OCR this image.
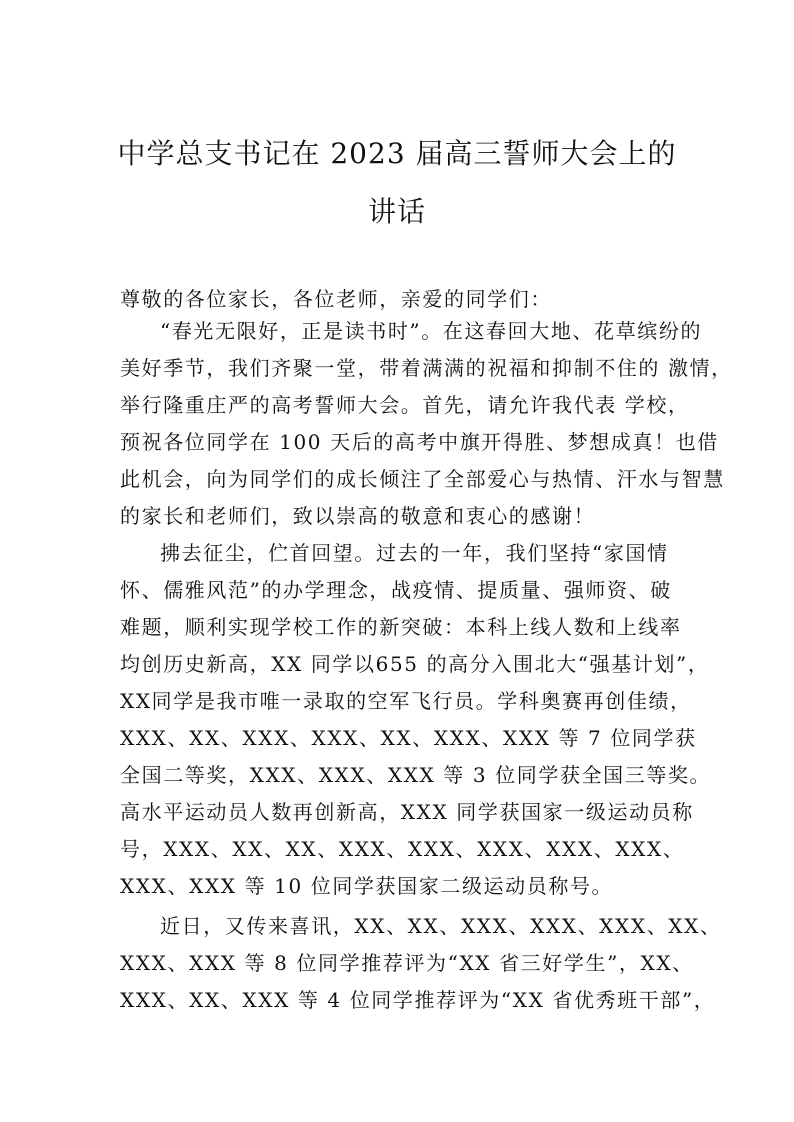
中学总支书记在 2023 届高三誓师大会上的
讲话
尊敬的各位家长，各位老师，亲爱的同学们：
“春光无限好，正是读书时”。在这春回大地、花草缤纷的
美好季节，我们齐聚一堂，带着满满的祝福和抑制不住的 激情，
举行隆重庄严的高考誓师大会。首先，请允许我代表 学校，
预祝各位同学在 100 天后的高考中旗开得胜、梦想成真！也借
此机会，向为同学们的成长倾注了全部爱心与热情、汗水与智慧
的家长和老师们，致以崇高的敬意和衷心的感谢！
拂去征尘，伫首回望。过去的一年，我们坚持“家国情
怀、儒雅风范”的办学理念，战疫情、提质量、强师资、破
难题，顺利实现学校工作的新突破：本科上线人数和上线率
均创历史新高，XX 同学以655 的高分入围北大“强基计划”，
XX同学是我市唯一录取的空军飞行员。学科奥赛再创佳绩，
XXX、XX、XXX、XXX、XX、XXX、XXX 等 7 位同学获
全国二等奖，XXX、XXX、XXX 等 3 位同学获全国三等奖。
高水平运动员人数再创新高，XXX 同学获国家一级运动员称
号，XXX、XX、XX、XXX、XXX、XXX、XXX、XXX、
XXX、XXX 等 10 位同学获国家二级运动员称号。
近日，又传来喜讯，XX、XX、XXX、XXX、XXX、XX、
XXX、XXX 等 8 位同学推荐评为“XX 省三好学生”，XX、
XXX、XX、XXX 等 4 位同学推荐评为“XX 省优秀班干部”，
